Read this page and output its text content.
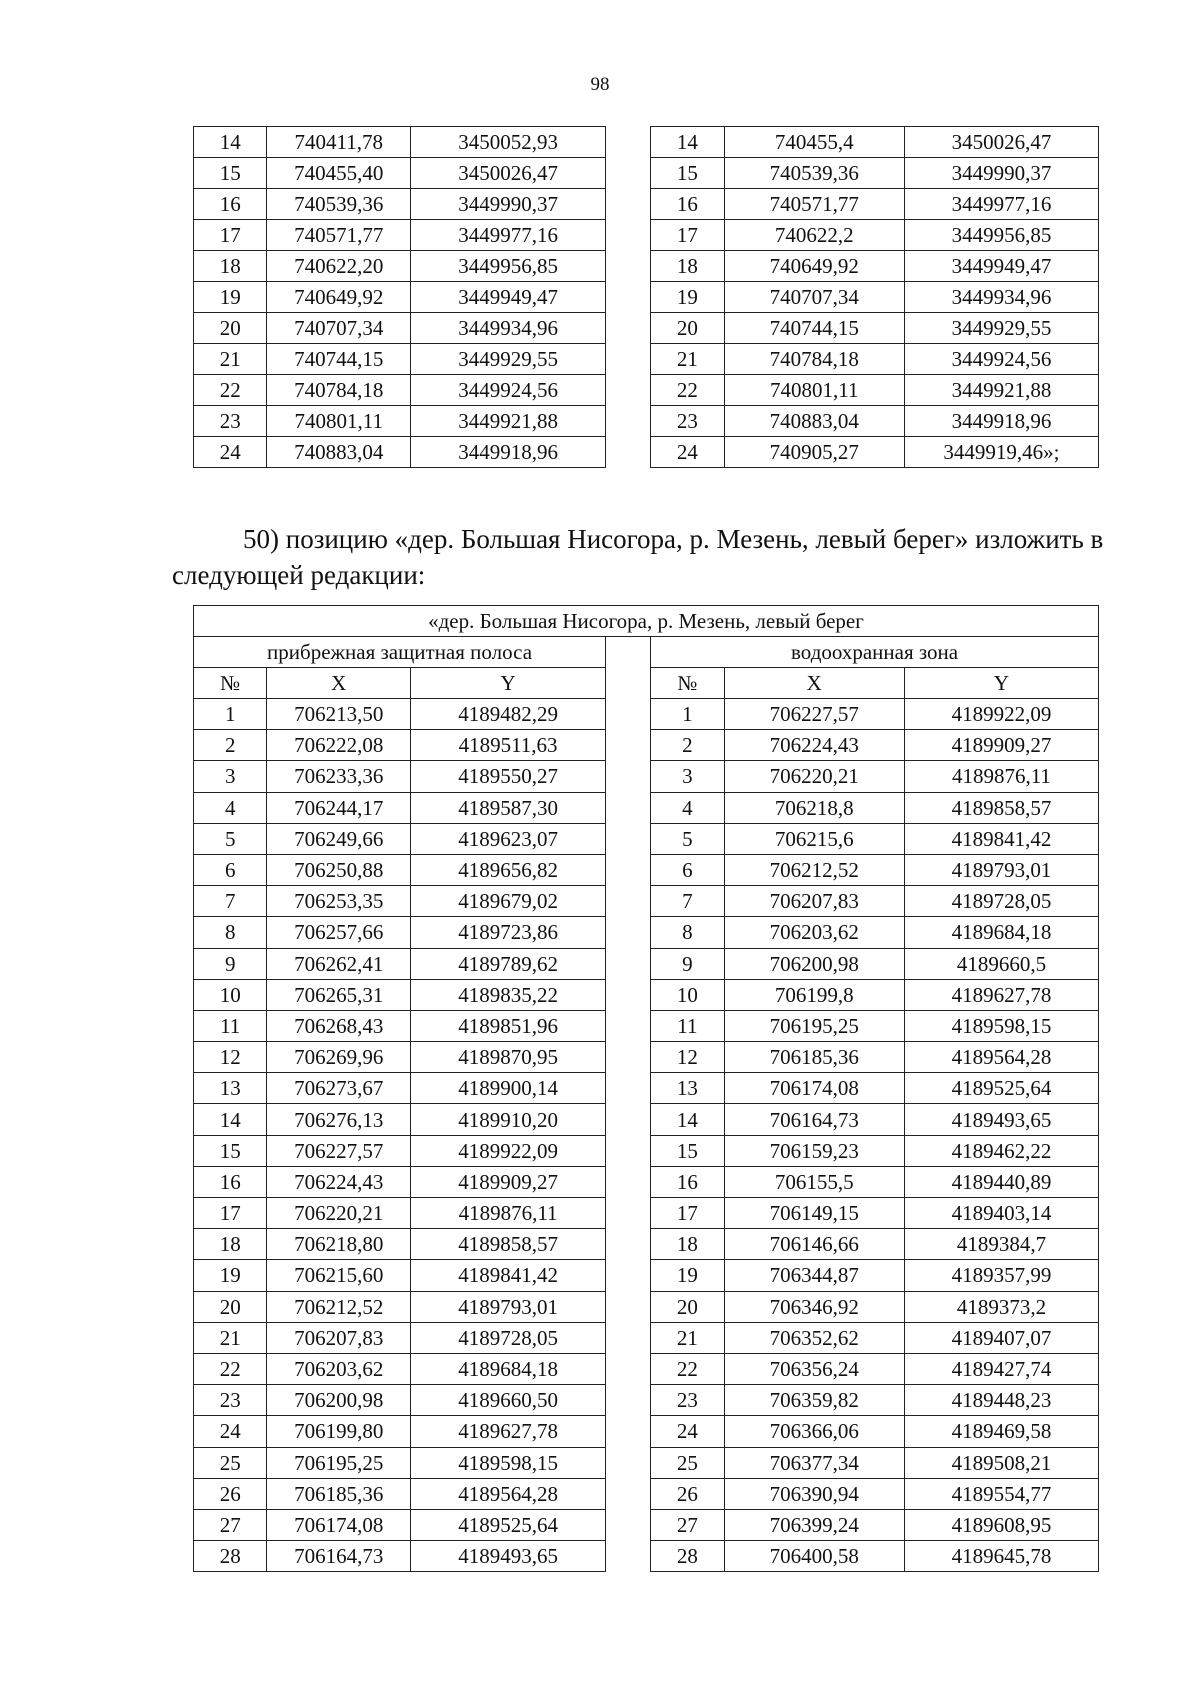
98
14	740411,78	3450052,93		14	740455,4	3450026,47
15	740455,40	3450026,47		15	740539,36	3449990,37
16	740539,36	3449990,37		16	740571,77	3449977,16
17	740571,77	3449977,16		17	740622,2	3449956,85
18	740622,20	3449956,85		18	740649,92	3449949,47
19	740649,92	3449949,47		19	740707,34	3449934,96
20	740707,34	3449934,96		20	740744,15	3449929,55
21	740744,15	3449929,55		21	740784,18	3449924,56
22	740784,18	3449924,56		22	740801,11	3449921,88
23	740801,11	3449921,88		23	740883,04	3449918,96
24	740883,04	3449918,96		24	740905,27	3449919,46»;
50) позицию «дер. Большая Нисогора, р. Мезень, левый берег» изложить в следующей редакции:
«дер. Большая Нисогора, р. Мезень, левый берег						
прибрежная защитная полоса				водоохранная зона		
№	X	Y		№	X	Y
1	706213,50	4189482,29		1	706227,57	4189922,09
2	706222,08	4189511,63		2	706224,43	4189909,27
3	706233,36	4189550,27		3	706220,21	4189876,11
4	706244,17	4189587,30		4	706218,8	4189858,57
5	706249,66	4189623,07		5	706215,6	4189841,42
6	706250,88	4189656,82		6	706212,52	4189793,01
7	706253,35	4189679,02		7	706207,83	4189728,05
8	706257,66	4189723,86		8	706203,62	4189684,18
9	706262,41	4189789,62		9	706200,98	4189660,5
10	706265,31	4189835,22		10	706199,8	4189627,78
11	706268,43	4189851,96		11	706195,25	4189598,15
12	706269,96	4189870,95		12	706185,36	4189564,28
13	706273,67	4189900,14		13	706174,08	4189525,64
14	706276,13	4189910,20		14	706164,73	4189493,65
15	706227,57	4189922,09		15	706159,23	4189462,22
16	706224,43	4189909,27		16	706155,5	4189440,89
17	706220,21	4189876,11		17	706149,15	4189403,14
18	706218,80	4189858,57		18	706146,66	4189384,7
19	706215,60	4189841,42		19	706344,87	4189357,99
20	706212,52	4189793,01		20	706346,92	4189373,2
21	706207,83	4189728,05		21	706352,62	4189407,07
22	706203,62	4189684,18		22	706356,24	4189427,74
23	706200,98	4189660,50		23	706359,82	4189448,23
24	706199,80	4189627,78		24	706366,06	4189469,58
25	706195,25	4189598,15		25	706377,34	4189508,21
26	706185,36	4189564,28		26	706390,94	4189554,77
27	706174,08	4189525,64		27	706399,24	4189608,95
28	706164,73	4189493,65		28	706400,58	4189645,78
